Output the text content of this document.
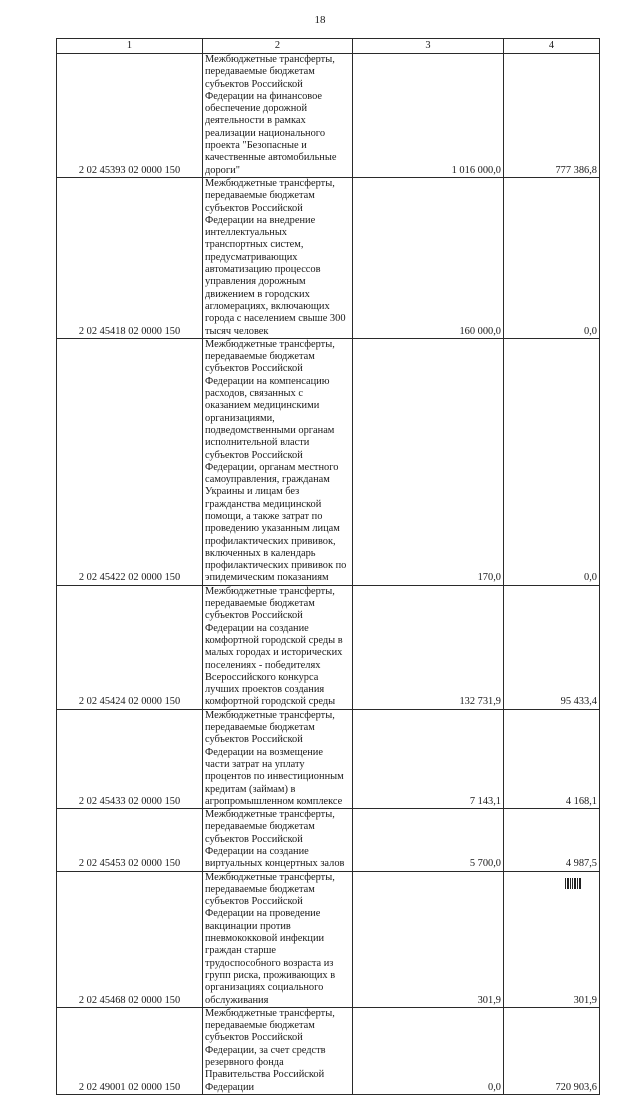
18
1	2	3	4
2 02 45393 02 0000 150	Межбюджетные трансферты, передаваемые бюджетам субъектов Российской Федерации на финансовое обеспечение дорожной деятельности в рамках реализации национального проекта "Безопасные и качественные автомобильные дороги"	1 016 000,0	777 386,8
2 02 45418 02 0000 150	Межбюджетные трансферты, передаваемые бюджетам субъектов Российской Федерации на внедрение интеллектуальных транспортных систем, предусматривающих автоматизацию процессов управления дорожным движением в городских агломерациях, включающих города с населением свыше 300 тысяч человек	160 000,0	0,0
2 02 45422 02 0000 150	Межбюджетные трансферты, передаваемые бюджетам субъектов Российской Федерации на компенсацию расходов, связанных с оказанием медицинскими организациями, подведомственными органам исполнительной власти субъектов Российской Федерации, органам местного самоуправления, гражданам Украины и лицам без гражданства медицинской помощи, а также затрат по проведению указанным лицам профилактических прививок, включенных в календарь профилактических прививок по эпидемическим показаниям	170,0	0,0
2 02 45424 02 0000 150	Межбюджетные трансферты, передаваемые бюджетам субъектов Российской Федерации на создание комфортной городской среды в малых городах и исторических поселениях - победителях Всероссийского конкурса лучших проектов создания комфортной городской среды	132 731,9	95 433,4
2 02 45433 02 0000 150	Межбюджетные трансферты, передаваемые бюджетам субъектов Российской Федерации на возмещение части затрат на уплату процентов по инвестиционным кредитам (займам) в агропромышленном комплексе	7 143,1	4 168,1
2 02 45453 02 0000 150	Межбюджетные трансферты, передаваемые бюджетам субъектов Российской Федерации на создание виртуальных концертных залов	5 700,0	4 987,5
2 02 45468 02 0000 150	Межбюджетные трансферты, передаваемые бюджетам субъектов Российской Федерации на проведение вакцинации против пневмококковой инфекции граждан старше трудоспособного возраста из групп риска, проживающих в организациях социального обслуживания	301,9	301,9
2 02 49001 02 0000 150	Межбюджетные трансферты, передаваемые бюджетам субъектов Российской Федерации, за счет средств резервного фонда Правительства Российской Федерации	0,0	720 903,6
